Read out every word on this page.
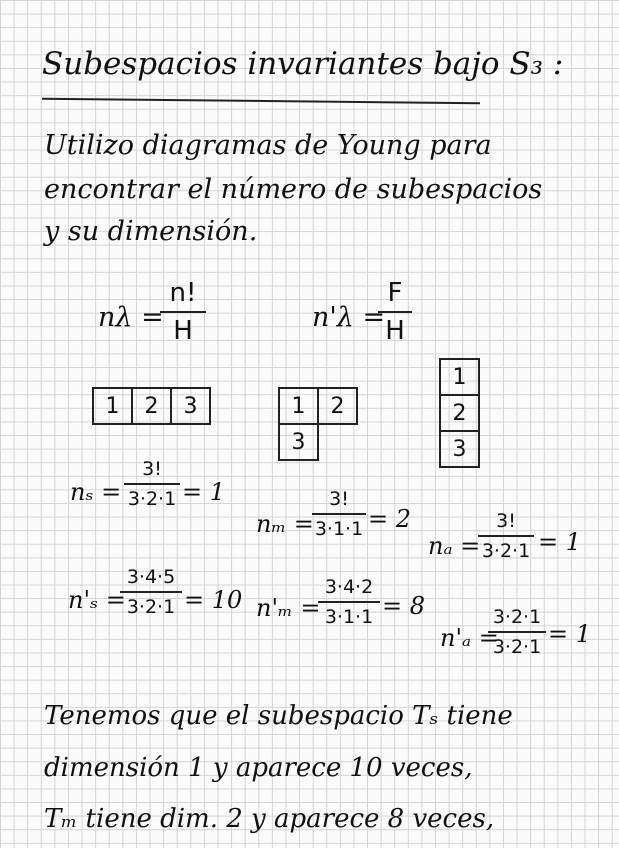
Subespacios invariantes bajo S₃ :
Utilizo diagramas de Young para
encontrar el número de subespacios
y su dimensión.
nλ =
n!
H	n'λ =
F
H
1	2	3	1	2
3	
1
2
3
nₛ =
3!
3·2·1 = 1
nₘ =
3!
3·1·1 = 2
nₐ =
3!
3·2·1 = 1
n'ₛ =
3·4·5
3·2·1 = 10 n'ₘ =
3·4·2
3·1·1 = 8
n'ₐ =
3·2·1
3·2·1 = 1
Tenemos que el subespacio Tₛ tiene
dimensión 1 y aparece 10 veces,
Tₘ tiene dim. 2 y aparece 8 veces,
